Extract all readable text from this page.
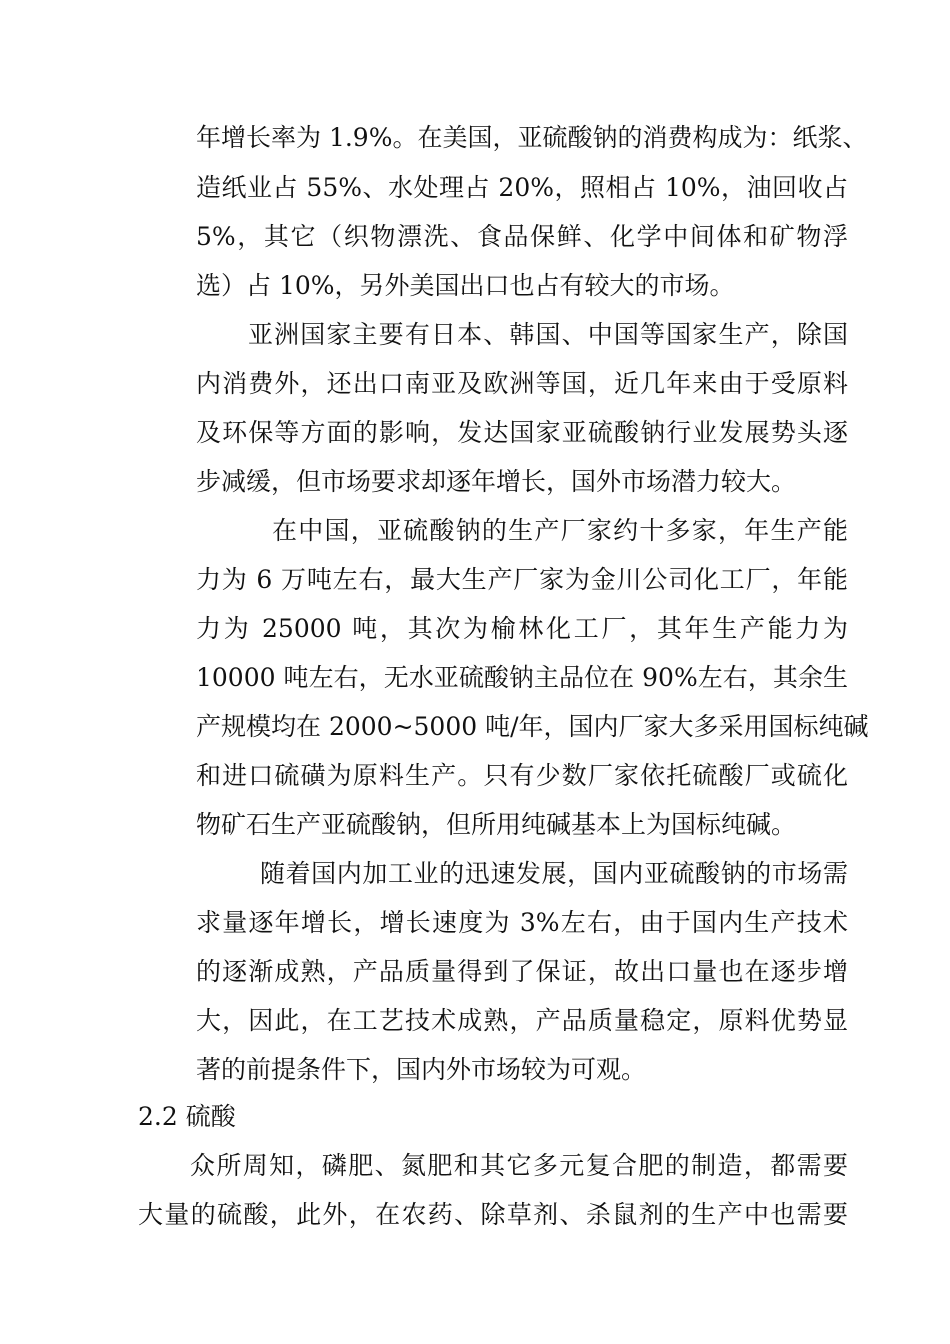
年增长率为 1.9%。在美国，亚硫酸钠的消费构成为：纸浆、
造纸业占 55%、水处理占 20%，照相占 10%，油回收占
5%，其它（织物漂洗、食品保鲜、化学中间体和矿物浮
选）占 10%，另外美国出口也占有较大的市场。
亚洲国家主要有日本、韩国、中国等国家生产，除国
内消费外，还出口南亚及欧洲等国，近几年来由于受原料
及环保等方面的影响，发达国家亚硫酸钠行业发展势头逐
步减缓，但市场要求却逐年增长，国外市场潜力较大。
在中国，亚硫酸钠的生产厂家约十多家，年生产能
力为 6 万吨左右，最大生产厂家为金川公司化工厂，年能
力为 25000 吨，其次为榆林化工厂，其年生产能力为
10000 吨左右，无水亚硫酸钠主品位在 90%左右，其余生
产规模均在 2000~5000 吨/年，国内厂家大多采用国标纯碱
和进口硫磺为原料生产。只有少数厂家依托硫酸厂或硫化
物矿石生产亚硫酸钠，但所用纯碱基本上为国标纯碱。
随着国内加工业的迅速发展，国内亚硫酸钠的市场需
求量逐年增长，增长速度为 3%左右，由于国内生产技术
的逐渐成熟，产品质量得到了保证，故出口量也在逐步增
大，因此，在工艺技术成熟，产品质量稳定，原料优势显
著的前提条件下，国内外市场较为可观。
2.2 硫酸
众所周知，磷肥、氮肥和其它多元复合肥的制造，都需要
大量的硫酸，此外，在农药、除草剂、杀鼠剂的生产中也需要
